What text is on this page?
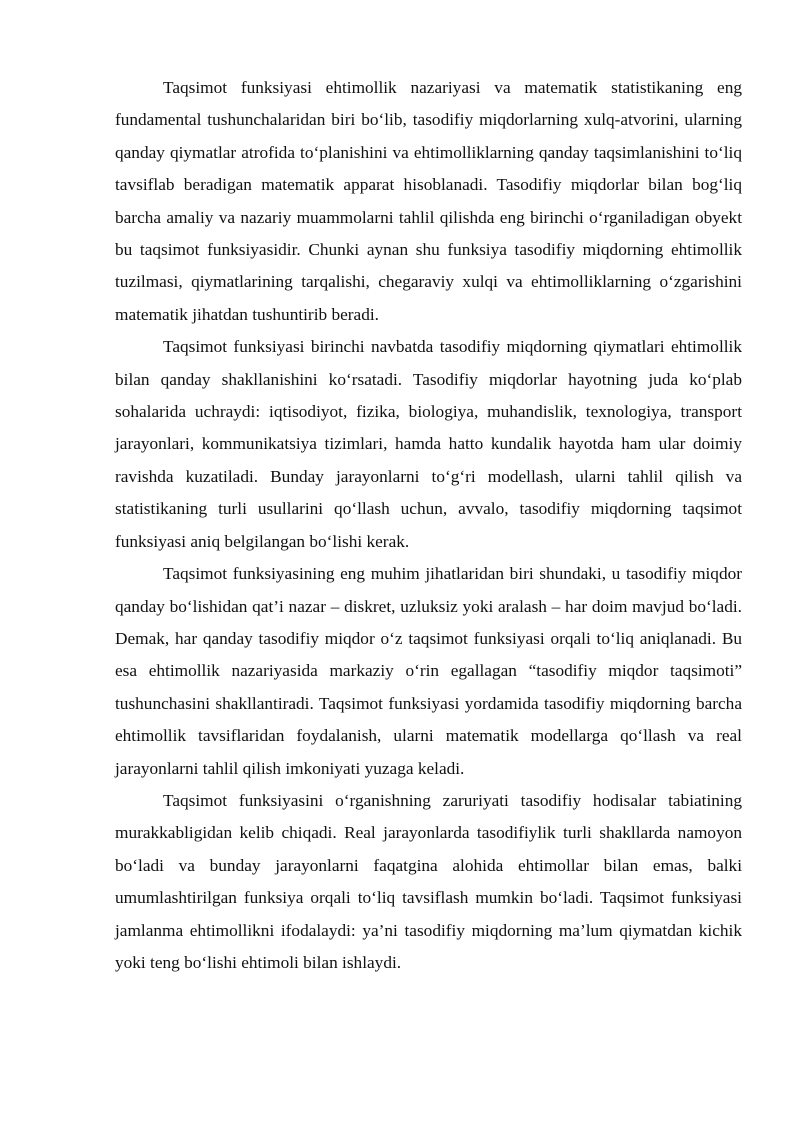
Taqsimot funksiyasi ehtimollik nazariyasi va matematik statistikaning eng fundamental tushunchalaridan biri bo‘lib, tasodifiy miqdorlarning xulq-atvorini, ularning qanday qiymatlar atrofida to‘planishini va ehtimolliklarning qanday taqsimlanishini to‘liq tavsiflab beradigan matematik apparat hisoblanadi. Tasodifiy miqdorlar bilan bog‘liq barcha amaliy va nazariy muammolarni tahlil qilishda eng birinchi o‘rganiladigan obyekt bu taqsimot funksiyasidir. Chunki aynan shu funksiya tasodifiy miqdorning ehtimollik tuzilmasi, qiymatlarining tarqalishi, chegaraviy xulqi va ehtimolliklarning o‘zgarishini matematik jihatdan tushuntirib beradi.

Taqsimot funksiyasi birinchi navbatda tasodifiy miqdorning qiymatlari ehtimollik bilan qanday shakllanishini ko‘rsatadi. Tasodifiy miqdorlar hayotning juda ko‘plab sohalarida uchraydi: iqtisodiyot, fizika, biologiya, muhandislik, texnologiya, transport jarayonlari, kommunikatsiya tizimlari, hamda hatto kundalik hayotda ham ular doimiy ravishda kuzatiladi. Bunday jarayonlarni to‘g‘ri modellash, ularni tahlil qilish va statistikaning turli usullarini qo‘llash uchun, avvalo, tasodifiy miqdorning taqsimot funksiyasi aniq belgilangan bo‘lishi kerak.

Taqsimot funksiyasining eng muhim jihatlaridan biri shundaki, u tasodifiy miqdor qanday bo‘lishidan qat’i nazar – diskret, uzluksiz yoki aralash – har doim mavjud bo‘ladi. Demak, har qanday tasodifiy miqdor o‘z taqsimot funksiyasi orqali to‘liq aniqlanadi. Bu esa ehtimollik nazariyasida markaziy o‘rin egallagan “tasodifiy miqdor taqsimoti” tushunchasini shakllantiradi. Taqsimot funksiyasi yordamida tasodifiy miqdorning barcha ehtimollik tavsiflaridan foydalanish, ularni matematik modellarga qo‘llash va real jarayonlarni tahlil qilish imkoniyati yuzaga keladi.

Taqsimot funksiyasini o‘rganishning zaruriyati tasodifiy hodisalar tabiatining murakkabligidan kelib chiqadi. Real jarayonlarda tasodifiylik turli shakllarda namoyon bo‘ladi va bunday jarayonlarni faqatgina alohida ehtimollar bilan emas, balki umumlashtirilgan funksiya orqali to‘liq tavsiflash mumkin bo‘ladi. Taqsimot funksiyasi jamlanma ehtimollikni ifodalaydi: ya’ni tasodifiy miqdorning ma’lum qiymatdan kichik yoki teng bo‘lishi ehtimoli bilan ishlaydi.
